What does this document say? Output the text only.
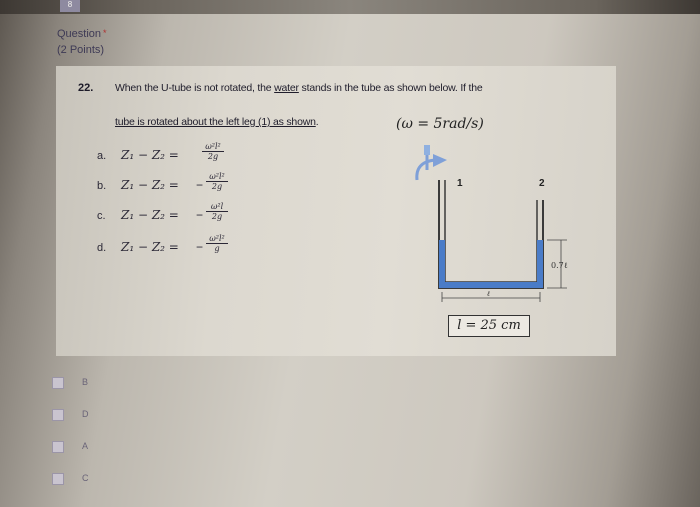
8
Question *
(2 Points)
22. When the U-tube is not rotated, the water stands in the tube as shown below. If the
tube is rotated about the left leg (1) as shown.	(ω = 5rad/s)
a. Z₁ − Z₂ =	$\frac{\text{ω²l²}}{2g}$
b. Z₁ − Z₂ = − $\frac{\text{ω²l²}}{2g}$
c. Z₁ − Z₂ = − $\frac{\text{ω²l}}{2g}$
d. Z₁ − Z₂ = − $\frac{\text{ω²l²}}{g}$
1	2
0.7ℓ
ℓ
l = 25 cm
B
D
A
C
